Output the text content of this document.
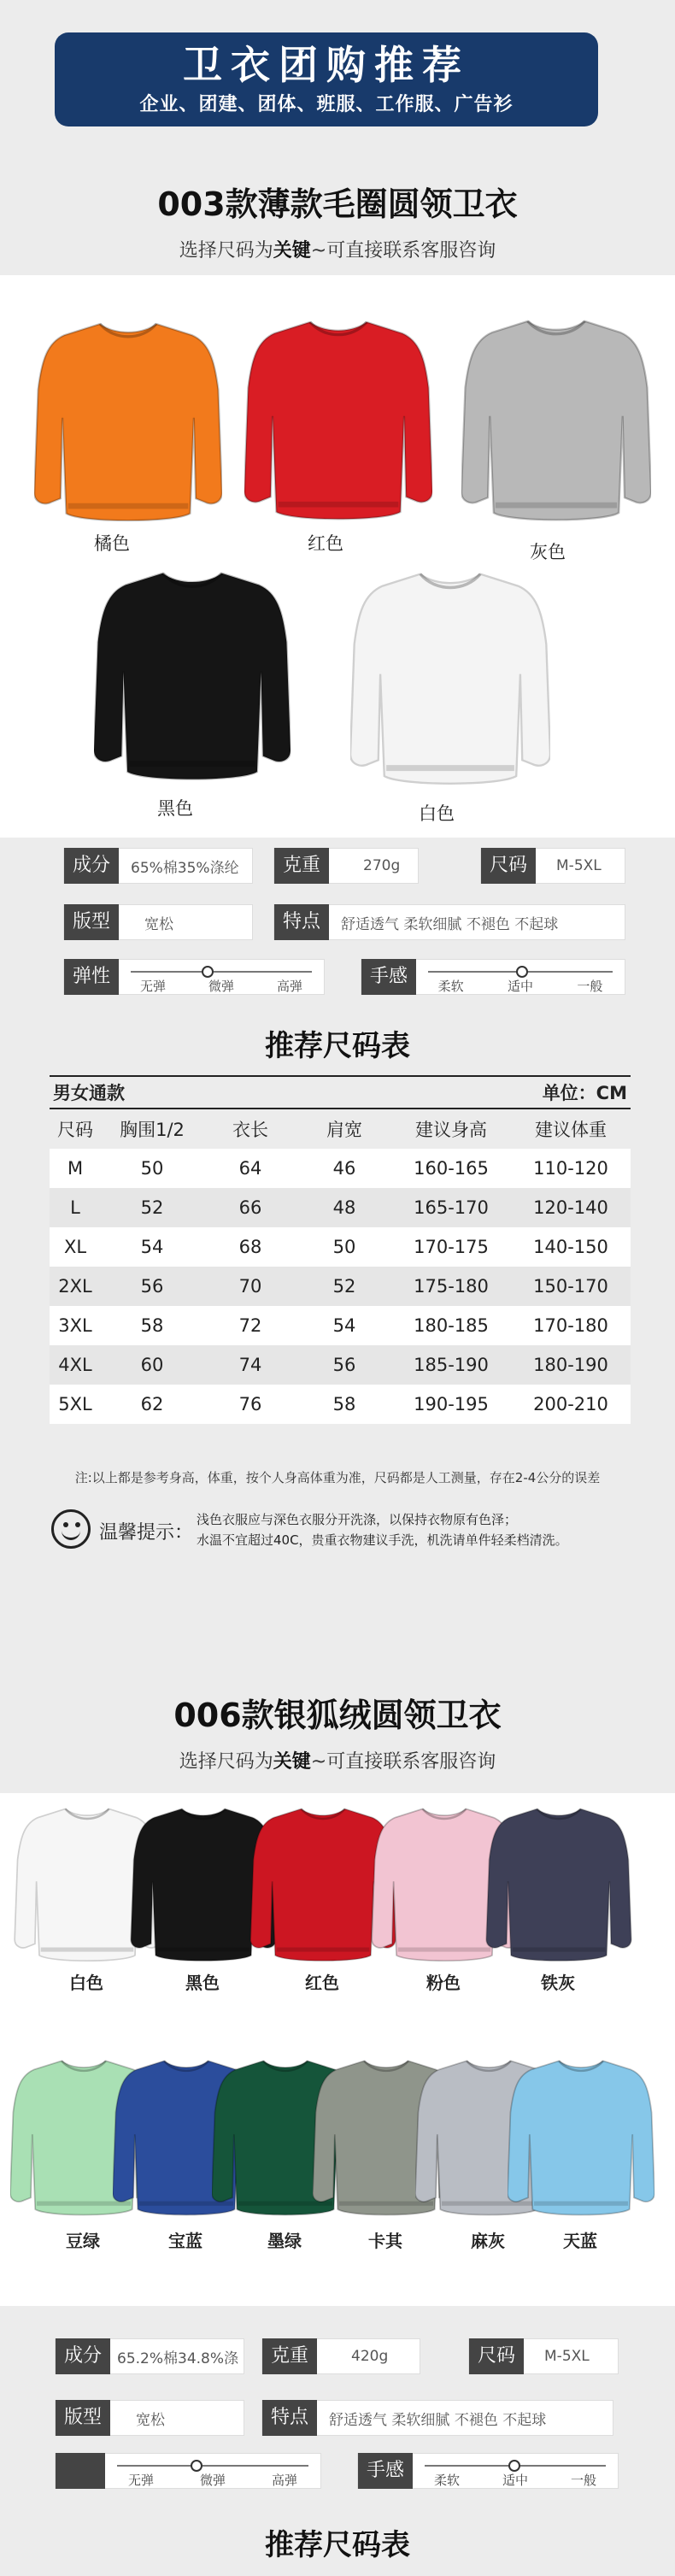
卫衣团购推荐
企业、团建、团体、班服、工作服、广告衫
003款薄款毛圈圆领卫衣
选择尺码为关键~可直接联系客服咨询
橘色	红色	灰色
黑色	白色
成分	65%棉35%涤纶	克重	270g	尺码	M-5XL
版型	宽松	特点	舒适透气 柔软细腻 不褪色 不起球
弹性	无弹	微弹	高弹	手感	柔软	适中	一般
推荐尺码表
男女通款	单位：CM
尺码	胸围1/2	衣长	肩宽	建议身高	建议体重
M	50	64	46	160-165	110-120
L	52	66	48	165-170	120-140
XL	54	68	50	170-175	140-150
2XL	56	70	52	175-180	150-170
3XL	58	72	54	180-185	170-180
4XL	60	74	56	185-190	180-190
5XL	62	76	58	190-195	200-210
注:以上都是参考身高，体重，按个人身高体重为准，尺码都是人工测量，存在2-4公分的误差
温馨提示：
浅色衣服应与深色衣服分开洗涤，以保持衣物原有色泽；
水温不宜超过40C，贵重衣物建议手洗，机洗请单件轻柔档清洗。
006款银狐绒圆领卫衣
选择尺码为关键~可直接联系客服咨询
白色	黑色	红色	粉色	铁灰
豆绿	宝蓝	墨绿	卡其	麻灰	天蓝
成分	65.2%棉34.8%涤	克重	420g	尺码	M-5XL
版型	宽松	特点	舒适透气 柔软细腻 不褪色 不起球
无弹	微弹	高弹	手感	柔软	适中	一般
推荐尺码表
